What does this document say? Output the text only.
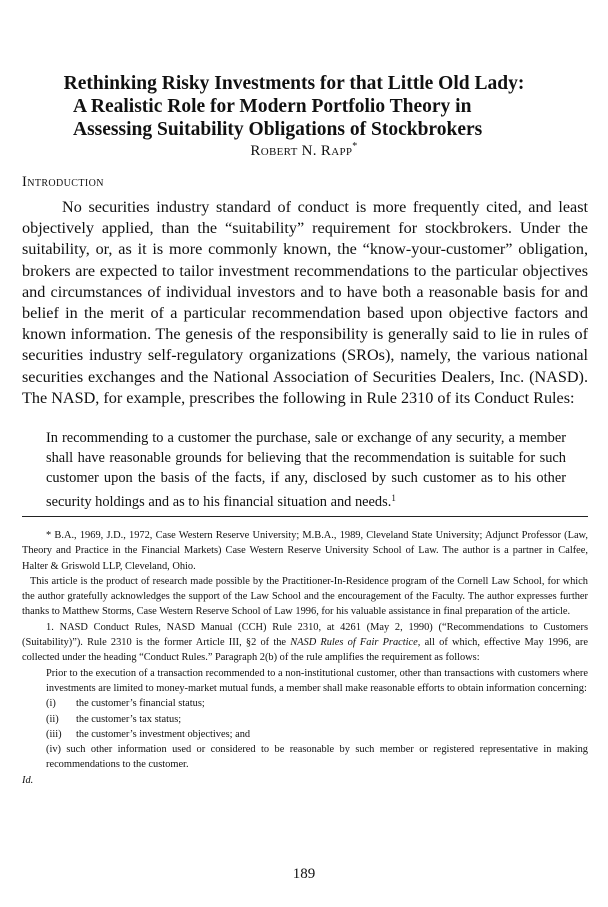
Rethinking Risky Investments for that Little Old Lady:
A Realistic Role for Modern Portfolio Theory in
Assessing Suitability Obligations of Stockbrokers
Robert N. Rapp*
Introduction

No securities industry standard of conduct is more frequently cited, and least objectively applied, than the “suitability” requirement for stockbrokers. Under the suitability, or, as it is more commonly known, the “know-your-customer” obligation, brokers are expected to tailor investment recommendations to the particular objectives and circumstances of individual investors and to have both a reasonable basis for and belief in the merit of a particular recommendation based upon objective factors and known information. The genesis of the responsibility is generally said to lie in rules of securities industry self-regulatory organizations (SROs), namely, the various national securities exchanges and the National Association of Securities Dealers, Inc. (NASD). The NASD, for example, prescribes the following in Rule 2310 of its Conduct Rules:

In recommending to a customer the purchase, sale or exchange of any security, a member shall have reasonable grounds for believing that the recommendation is suitable for such customer upon the basis of the facts, if any, disclosed by such customer as to his other security holdings and as to his financial situation and needs.$^1$

* B.A., 1969, J.D., 1972, Case Western Reserve University; M.B.A., 1989, Cleveland State University; Adjunct Professor (Law, Theory and Practice in the Financial Markets) Case Western Reserve University School of Law. The author is a partner in Calfee, Halter & Griswold LLP, Cleveland, Ohio.

This article is the product of research made possible by the Practitioner-In-Residence program of the Cornell Law School, for which the author gratefully acknowledges the support of the Law School and the encouragement of the Faculty. The author expresses further thanks to Matthew Storms, Case Western Reserve School of Law 1996, for his valuable assistance in final preparation of the article.

1. NASD Conduct Rules, NASD Manual (CCH) Rule 2310, at 4261 (May 2, 1990) (“Recommendations to Customers (Suitability)”). Rule 2310 is the former Article III, §2 of the NASD Rules of Fair Practice, all of which, effective May 1996, are collected under the heading “Conduct Rules.” Paragraph 2(b) of the rule amplifies the requirement as follows:

Prior to the execution of a transaction recommended to a non-institutional customer, other than transactions with customers where investments are limited to money-market mutual funds, a member shall make reasonable efforts to obtain information concerning:

(i)	the customer’s financial status;
(ii)	the customer’s tax status;
(iii)	the customer’s investment objectives; and

(iv) such other information used or considered to be reasonable by such member or registered representative in making recommendations to the customer.

Id.

189
